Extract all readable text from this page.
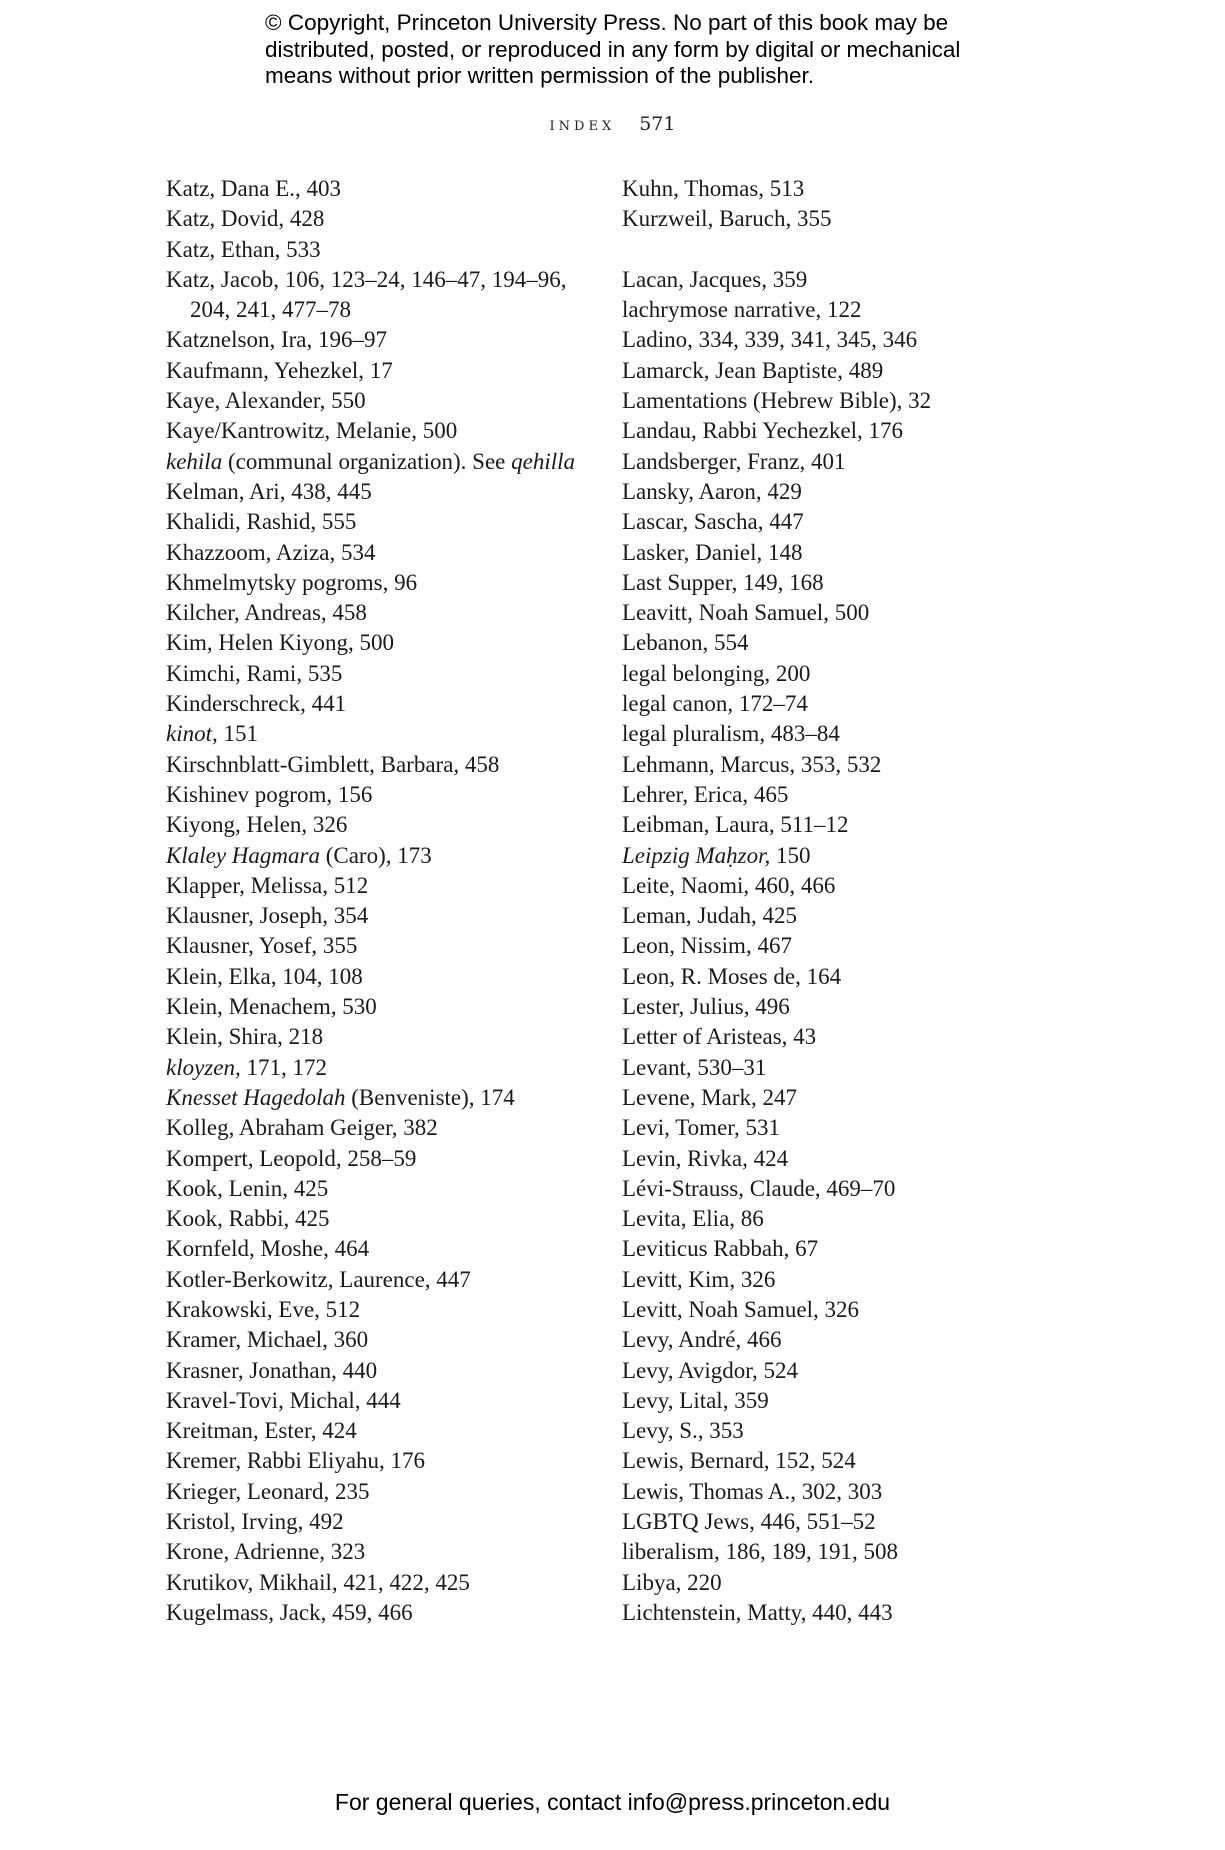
© Copyright, Princeton University Press. No part of this book may be distributed, posted, or reproduced in any form by digital or mechanical means without prior written permission of the publisher.
index 571
Katz, Dana E., 403
Katz, Dovid, 428
Katz, Ethan, 533
Katz, Jacob, 106, 123–24, 146–47, 194–96, 204, 241, 477–78
Katznelson, Ira, 196–97
Kaufmann, Yehezkel, 17
Kaye, Alexander, 550
Kaye/Kantrowitz, Melanie, 500
kehila (communal organization). See qehilla
Kelman, Ari, 438, 445
Khalidi, Rashid, 555
Khazzoom, Aziza, 534
Khmelmytsky pogroms, 96
Kilcher, Andreas, 458
Kim, Helen Kiyong, 500
Kimchi, Rami, 535
Kinderschreck, 441
kinot, 151
Kirschnblatt-Gimblett, Barbara, 458
Kishinev pogrom, 156
Kiyong, Helen, 326
Klaley Hagmara (Caro), 173
Klapper, Melissa, 512
Klausner, Joseph, 354
Klausner, Yosef, 355
Klein, Elka, 104, 108
Klein, Menachem, 530
Klein, Shira, 218
kloyzen, 171, 172
Knesset Hagedolah (Benveniste), 174
Kolleg, Abraham Geiger, 382
Kompert, Leopold, 258–59
Kook, Lenin, 425
Kook, Rabbi, 425
Kornfeld, Moshe, 464
Kotler-Berkowitz, Laurence, 447
Krakowski, Eve, 512
Kramer, Michael, 360
Krasner, Jonathan, 440
Kravel-Tovi, Michal, 444
Kreitman, Ester, 424
Kremer, Rabbi Eliyahu, 176
Krieger, Leonard, 235
Kristol, Irving, 492
Krone, Adrienne, 323
Krutikov, Mikhail, 421, 422, 425
Kugelmass, Jack, 459, 466
Kuhn, Thomas, 513
Kurzweil, Baruch, 355
Lacan, Jacques, 359
lachrymose narrative, 122
Ladino, 334, 339, 341, 345, 346
Lamarck, Jean Baptiste, 489
Lamentations (Hebrew Bible), 32
Landau, Rabbi Yechezkel, 176
Landsberger, Franz, 401
Lansky, Aaron, 429
Lascar, Sascha, 447
Lasker, Daniel, 148
Last Supper, 149, 168
Leavitt, Noah Samuel, 500
Lebanon, 554
legal belonging, 200
legal canon, 172–74
legal pluralism, 483–84
Lehmann, Marcus, 353, 532
Lehrer, Erica, 465
Leibman, Laura, 511–12
Leipzig Maḥzor, 150
Leite, Naomi, 460, 466
Leman, Judah, 425
Leon, Nissim, 467
Leon, R. Moses de, 164
Lester, Julius, 496
Letter of Aristeas, 43
Levant, 530–31
Levene, Mark, 247
Levi, Tomer, 531
Levin, Rivka, 424
Lévi-Strauss, Claude, 469–70
Levita, Elia, 86
Leviticus Rabbah, 67
Levitt, Kim, 326
Levitt, Noah Samuel, 326
Levy, André, 466
Levy, Avigdor, 524
Levy, Lital, 359
Levy, S., 353
Lewis, Bernard, 152, 524
Lewis, Thomas A., 302, 303
LGBTQ Jews, 446, 551–52
liberalism, 186, 189, 191, 508
Libya, 220
Lichtenstein, Matty, 440, 443
For general queries, contact info@press.princeton.edu
